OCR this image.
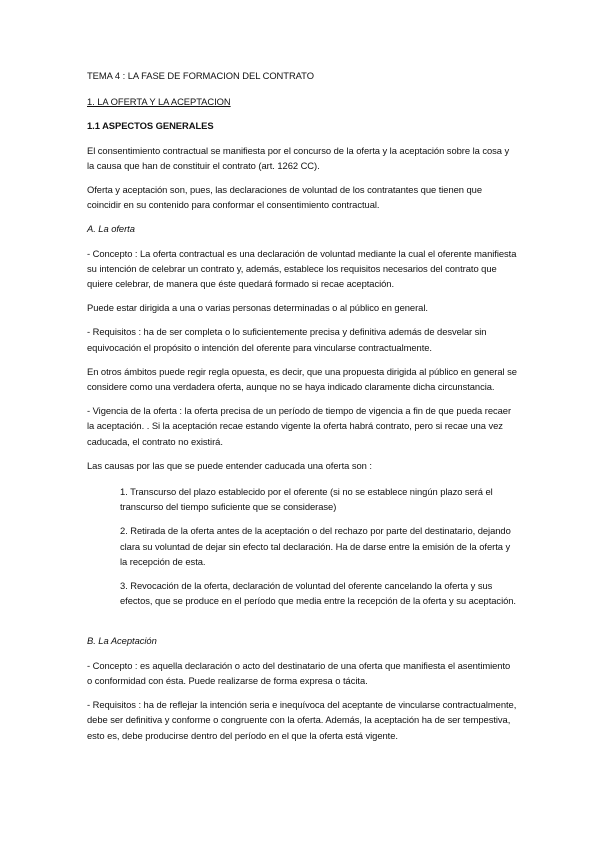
TEMA 4 : LA FASE DE FORMACION DEL CONTRATO

1. LA OFERTA Y LA ACEPTACION

1.1 ASPECTOS GENERALES

El consentimiento contractual se manifiesta por el concurso de la oferta y la aceptación sobre la cosa y la causa que han de constituir el contrato (art. 1262 CC).

Oferta y aceptación son, pues, las declaraciones de voluntad de los contratantes que tienen que coincidir en su contenido para conformar el consentimiento contractual.

A. La oferta

- Concepto : La oferta contractual es una declaración de voluntad mediante la cual el oferente manifiesta su intención de celebrar un contrato y, además, establece los requisitos necesarios del contrato que quiere celebrar, de manera que éste quedará formado si recae aceptación.

Puede estar dirigida a una o varias personas determinadas o al público en general.

- Requisitos : ha de ser completa o lo suficientemente precisa y definitiva además de desvelar sin equivocación el propósito o intención del oferente para vincularse contractualmente.

En otros ámbitos puede regir regla opuesta, es decir, que una propuesta dirigida al público en general se considere como una verdadera oferta, aunque no se haya indicado claramente dicha circunstancia.

- Vigencia de la oferta : la oferta precisa de un período de tiempo de vigencia a fin de que pueda recaer la aceptación. . Si la aceptación recae estando vigente la oferta habrá contrato, pero si recae una vez caducada, el contrato no existirá.

Las causas por las que se puede entender caducada una oferta son :

1. Transcurso del plazo establecido por el oferente (si no se establece ningún plazo será el transcurso del tiempo suficiente que se considerase)
2. Retirada de la oferta antes de la aceptación o del rechazo por parte del destinatario, dejando clara su voluntad de dejar sin efecto tal declaración. Ha de darse entre la emisión de la oferta y la recepción de esta.
3. Revocación de la oferta, declaración de voluntad del oferente cancelando la oferta y sus efectos, que se produce en el período que media entre la recepción de la oferta y su aceptación.

B. La Aceptación

- Concepto : es aquella declaración o acto del destinatario de una oferta que manifiesta el asentimiento o conformidad con ésta. Puede realizarse de forma expresa o tácita.

- Requisitos : ha de reflejar la intención seria e inequívoca del aceptante de vincularse contractualmente, debe ser definitiva y conforme o congruente con la oferta. Además, la aceptación ha de ser tempestiva, esto es, debe producirse dentro del período en el que la oferta está vigente.
